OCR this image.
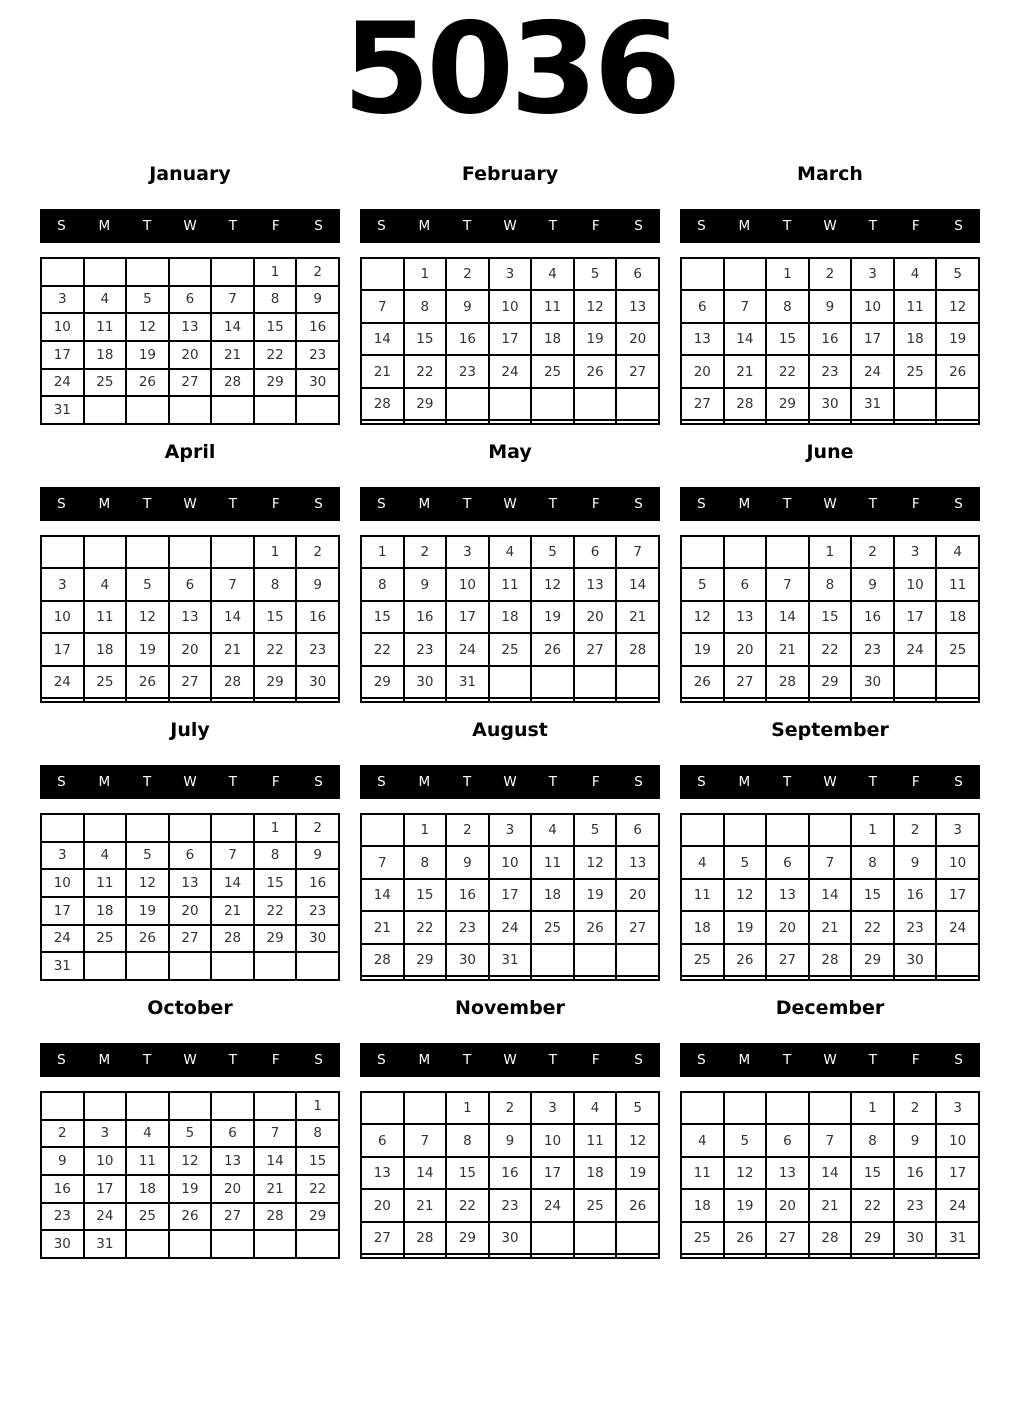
5036
January
S	M	T	W	T	F	S
					1	2
3	4	5	6	7	8	9
10	11	12	13	14	15	16
17	18	19	20	21	22	23
24	25	26	27	28	29	30
31						
February
S	M	T	W	T	F	S
	1	2	3	4	5	6
7	8	9	10	11	12	13
14	15	16	17	18	19	20
21	22	23	24	25	26	27
28	29					

March
S	M	T	W	T	F	S
		1	2	3	4	5
6	7	8	9	10	11	12
13	14	15	16	17	18	19
20	21	22	23	24	25	26
27	28	29	30	31		

April
S	M	T	W	T	F	S
					1	2
3	4	5	6	7	8	9
10	11	12	13	14	15	16
17	18	19	20	21	22	23
24	25	26	27	28	29	30

May
S	M	T	W	T	F	S
1	2	3	4	5	6	7
8	9	10	11	12	13	14
15	16	17	18	19	20	21
22	23	24	25	26	27	28
29	30	31				

June
S	M	T	W	T	F	S
			1	2	3	4
5	6	7	8	9	10	11
12	13	14	15	16	17	18
19	20	21	22	23	24	25
26	27	28	29	30		

July
S	M	T	W	T	F	S
					1	2
3	4	5	6	7	8	9
10	11	12	13	14	15	16
17	18	19	20	21	22	23
24	25	26	27	28	29	30
31						
August
S	M	T	W	T	F	S
	1	2	3	4	5	6
7	8	9	10	11	12	13
14	15	16	17	18	19	20
21	22	23	24	25	26	27
28	29	30	31			

September
S	M	T	W	T	F	S
				1	2	3
4	5	6	7	8	9	10
11	12	13	14	15	16	17
18	19	20	21	22	23	24
25	26	27	28	29	30	

October
S	M	T	W	T	F	S
						1
2	3	4	5	6	7	8
9	10	11	12	13	14	15
16	17	18	19	20	21	22
23	24	25	26	27	28	29
30	31					
November
S	M	T	W	T	F	S
		1	2	3	4	5
6	7	8	9	10	11	12
13	14	15	16	17	18	19
20	21	22	23	24	25	26
27	28	29	30			

December
S	M	T	W	T	F	S
				1	2	3
4	5	6	7	8	9	10
11	12	13	14	15	16	17
18	19	20	21	22	23	24
25	26	27	28	29	30	31
